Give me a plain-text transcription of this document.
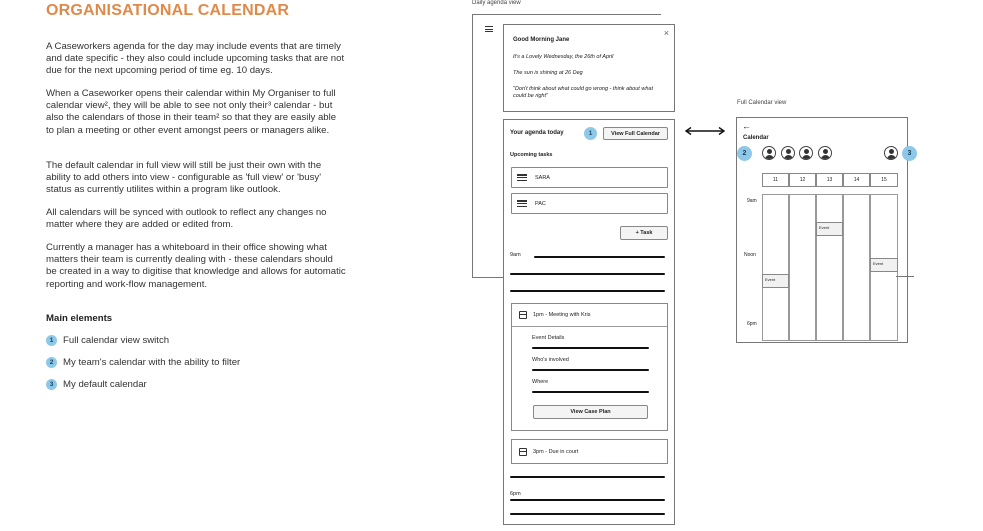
ORGANISATIONAL CALENDAR
A Caseworkers agenda for the day may include events that are timely and date specific - they also could include upcoming tasks that are not due for the next upcoming period of time eg. 10 days.
When a Caseworker opens their calendar within My Organiser to full calendar view², they will be able to see not only their³ calendar - but also the calendars of those in their team² so that they are easily able to plan a meeting or other event amongst peers or managers alike.
The default calendar in full view will still be just their own with the ability to add others into view - configurable as 'full view' or 'busy' status as currently utilites within a program like outlook.
All calendars will be synced with outlook to reflect any changes no matter where they are added or edited from.
Currently a manager has a whiteboard in their office showing what matters their team is currently dealing with - these calendars should be created in a way to digitise that knowledge and allows for automatic reporting and work-flow management.
Main elements
1	Full calendar view switch
2	My team's calendar with the ability to filter
3	My default calendar
Daily agenda view
Good Morning Jane
×
It's a Lovely Wednesday, the 26th of April
The sun is shining at 26 Deg
"Don't think about what could go wrong - think about what could be right"
Your agenda today	1	View Full Calendar
Upcoming tasks
SARA
PAC
+ Task
9am
1pm - Meeting with Kris
Event Details
Who's involved
Where
View Case Plan
3pm - Due in court
6pm
Full Calendar view
←
Calendar
11	12	13	14	15
9am
Noon
6pm
Event
Event
Event
2	3
